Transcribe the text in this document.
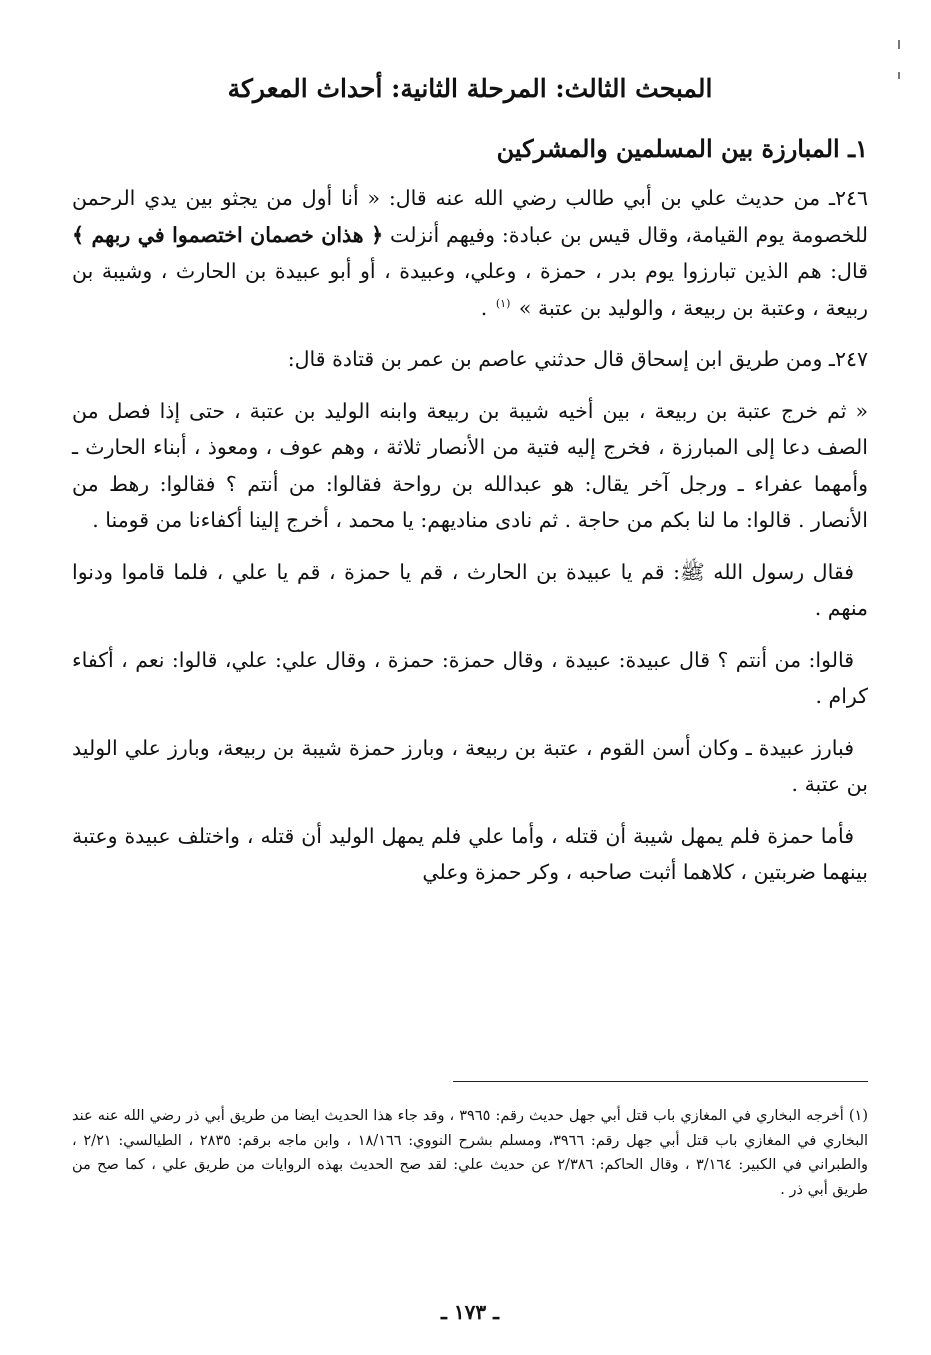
المبحث الثالث: المرحلة الثانية: أحداث المعركة
١ـ المبارزة بين المسلمين والمشركين

٢٤٦ـ من حديث علي بن أبي طالب رضي الله عنه قال: « أنا أول من يجثو بين يدي الرحمن للخصومة يوم القيامة، وقال قيس بن عبادة: وفيهم أنزلت ﴿ هذان خصمان اختصموا في ربهم ﴾ قال: هم الذين تبارزوا يوم بدر ، حمزة ، وعلي، وعبيدة ، أو أبو عبيدة بن الحارث ، وشيبة بن ربيعة ، وعتبة بن ربيعة ، والوليد بن عتبة » $^{(١)}$ .

٢٤٧ـ ومن طريق ابن إسحاق قال حدثني عاصم بن عمر بن قتادة قال:

« ثم خرج عتبة بن ربيعة ، بين أخيه شيبة بن ربيعة وابنه الوليد بن عتبة ، حتى إذا فصل من الصف دعا إلى المبارزة ، فخرج إليه فتية من الأنصار ثلاثة ، وهم عوف ، ومعوذ ، أبناء الحارث ـ وأمهما عفراء ـ ورجل آخر يقال: هو عبدالله بن رواحة فقالوا: من أنتم ؟ فقالوا: رهط من الأنصار . قالوا: ما لنا بكم من حاجة . ثم نادى مناديهم: يا محمد ، أخرج إلينا أكفاءنا من قومنا .

فقال رسول الله ﷺ: قم يا عبيدة بن الحارث ، قم يا حمزة ، قم يا علي ، فلما قاموا ودنوا منهم .

قالوا: من أنتم ؟ قال عبيدة: عبيدة ، وقال حمزة: حمزة ، وقال علي: علي، قالوا: نعم ، أكفاء كرام .

فبارز عبيدة ـ وكان أسن القوم ، عتبة بن ربيعة ، وبارز حمزة شيبة بن ربيعة، وبارز علي الوليد بن عتبة .

فأما حمزة فلم يمهل شيبة أن قتله ، وأما علي فلم يمهل الوليد أن قتله ، واختلف عبيدة وعتبة بينهما ضربتين ، كلاهما أثبت صاحبه ، وكر حمزة وعلي

(١) أخرجه البخاري في المغازي باب قتل أبي جهل حديث رقم: ٣٩٦٥ ، وقد جاء هذا الحديث ايضا من طريق أبي ذر رضي الله عنه عند البخاري في المغازي باب قتل أبي جهل رقم: ٣٩٦٦، ومسلم بشرح النووي: ١٨/١٦٦ ، وابن ماجه برقم: ٢٨٣٥ ، الطيالسي: ٢/٢١ ، والطبراني في الكبير: ٣/١٦٤ ، وقال الحاكم: ٢/٣٨٦ عن حديث علي: لقد صح الحديث بهذه الروايات من طريق علي ، كما صح من طريق أبي ذر .
ـ ١٧٣ ـ
